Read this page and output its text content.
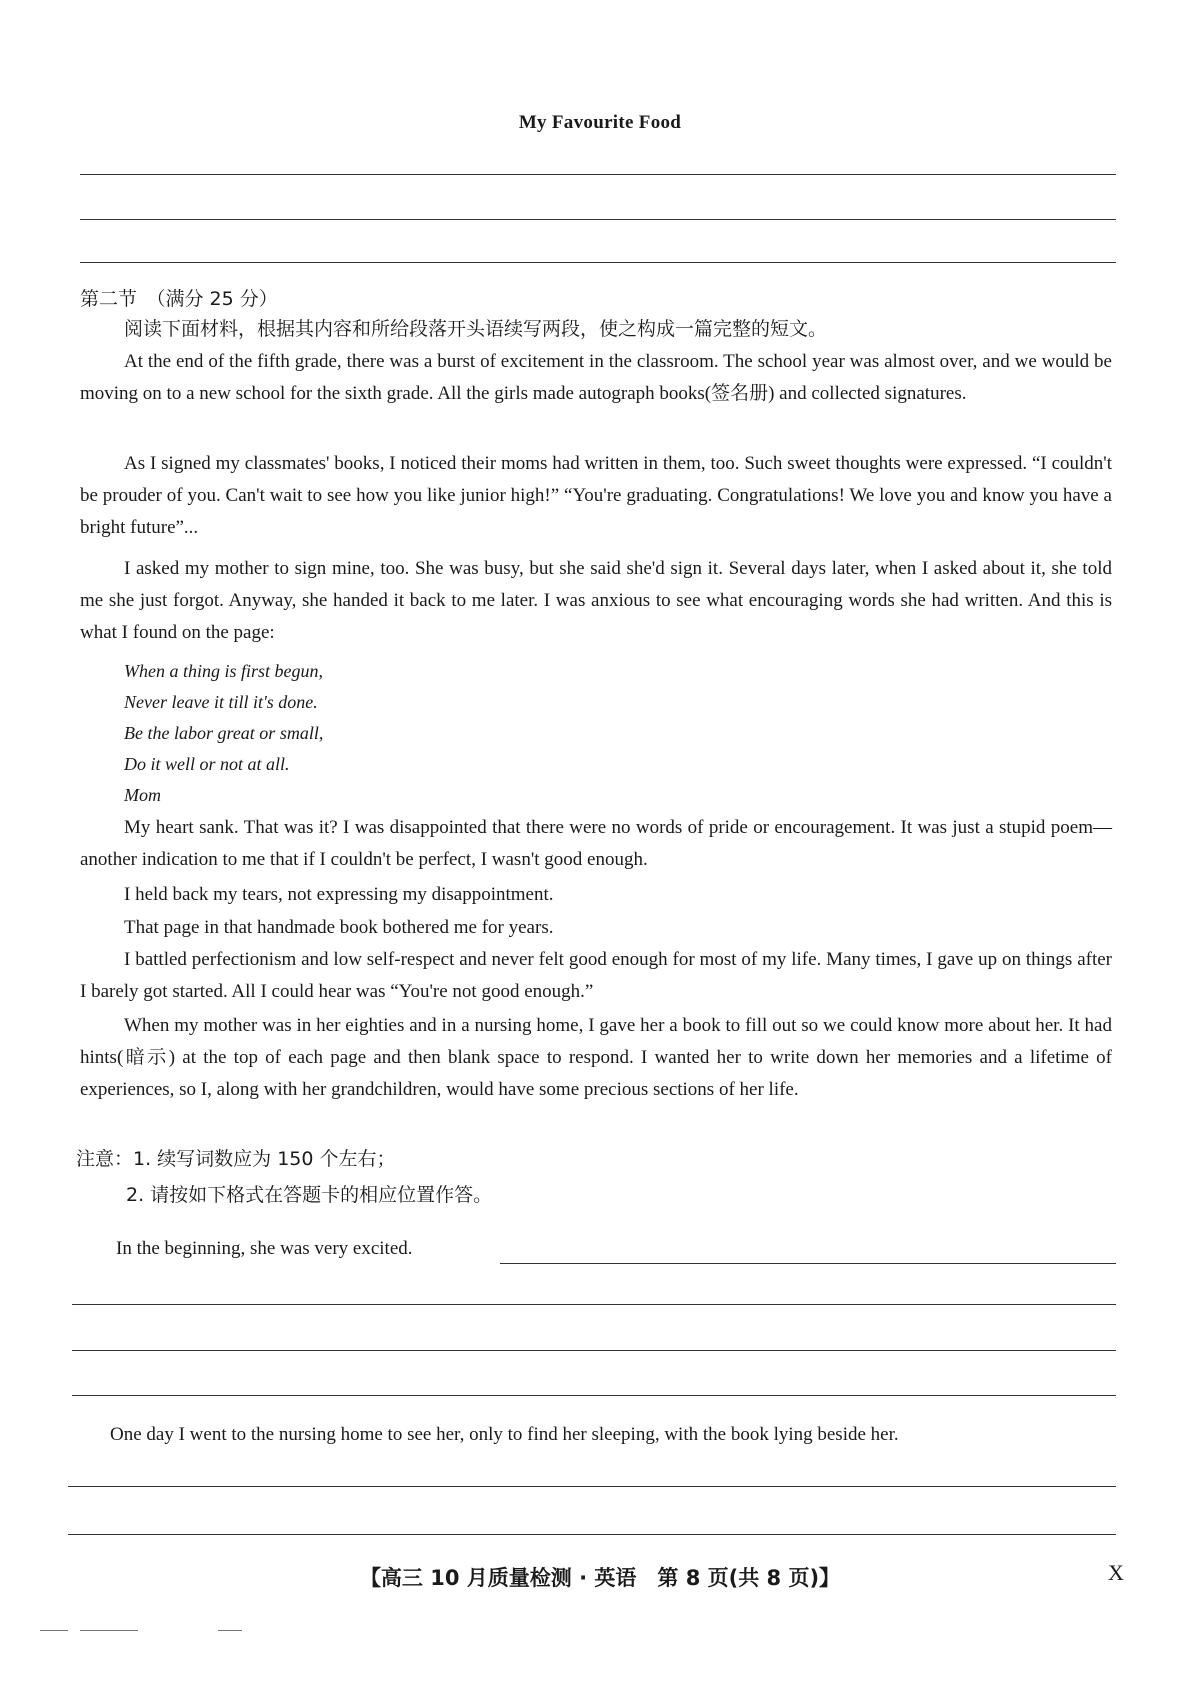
My Favourite Food
第二节　（满分 25 分）
阅读下面材料，根据其内容和所给段落开头语续写两段，使之构成一篇完整的短文。
At the end of the fifth grade, there was a burst of excitement in the classroom. The school year was almost over, and we would be moving on to a new school for the sixth grade. All the girls made autograph books(签名册) and collected signatures.
As I signed my classmates' books, I noticed their moms had written in them, too. Such sweet thoughts were expressed. “I couldn't be prouder of you. Can't wait to see how you like junior high!” “You're graduating. Congratulations! We love you and know you have a bright future”...
I asked my mother to sign mine, too. She was busy, but she said she'd sign it. Several days later, when I asked about it, she told me she just forgot. Anyway, she handed it back to me later. I was anxious to see what encouraging words she had written. And this is what I found on the page:
When a thing is first begun,
Never leave it till it's done.
Be the labor great or small,
Do it well or not at all.
Mom
My heart sank. That was it? I was disappointed that there were no words of pride or encouragement. It was just a stupid poem—another indication to me that if I couldn't be perfect, I wasn't good enough.
I held back my tears, not expressing my disappointment.
That page in that handmade book bothered me for years.
I battled perfectionism and low self-respect and never felt good enough for most of my life. Many times, I gave up on things after I barely got started. All I could hear was “You're not good enough.”
When my mother was in her eighties and in a nursing home, I gave her a book to fill out so we could know more about her. It had hints(暗示) at the top of each page and then blank space to respond. I wanted her to write down her memories and a lifetime of experiences, so I, along with her grandchildren, would have some precious sections of her life.
注意：1. 续写词数应为 150 个左右；
2. 请按如下格式在答题卡的相应位置作答。
In the beginning, she was very excited.
One day I went to the nursing home to see her, only to find her sleeping, with the book lying beside her.
【高三 10 月质量检测 · 英语　第 8 页(共 8 页)】	X
